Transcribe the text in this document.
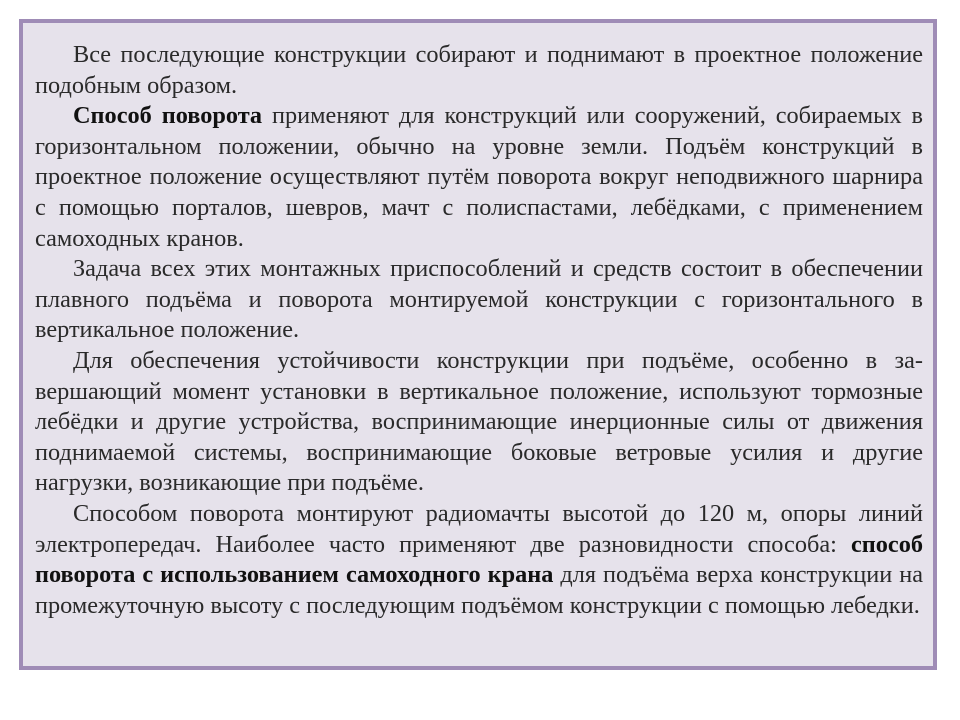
Все последующие конструкции собирают и поднимают в проектное положение подобным образом.

Способ поворота применяют для конструкций или сооружений, собираемых в горизонтальном положении, обычно на уровне земли. Подъём конструкций в проектное положение осуществляют путём поворота вокруг неподвижного шарнира с помощью порталов, шевров, мачт с полиспастами, лебёдками, с применением самоходных кранов.

Задача всех этих монтажных приспособлений и средств состоит в обеспечении плавного подъёма и поворота монтируемой конструкции с горизонтального в вертикальное положение.

Для обеспечения устойчивости конструкции при подъёме, особенно в завершающий момент установки в вертикальное положение, используют тормозные лебёдки и другие устройства, воспринимающие инерционные силы от движения поднимаемой системы, воспринимающие боковые ветровые усилия и другие нагрузки, возникающие при подъёме.

Способом поворота монтируют радиомачты высотой до 120 м, опоры линий электропередач. Наиболее часто применяют две разновидности способа: способ поворота с использованием самоходного крана для подъёма верха конструкции на промежуточную высоту с последующим подъёмом конструкции с помощью лебедки.
